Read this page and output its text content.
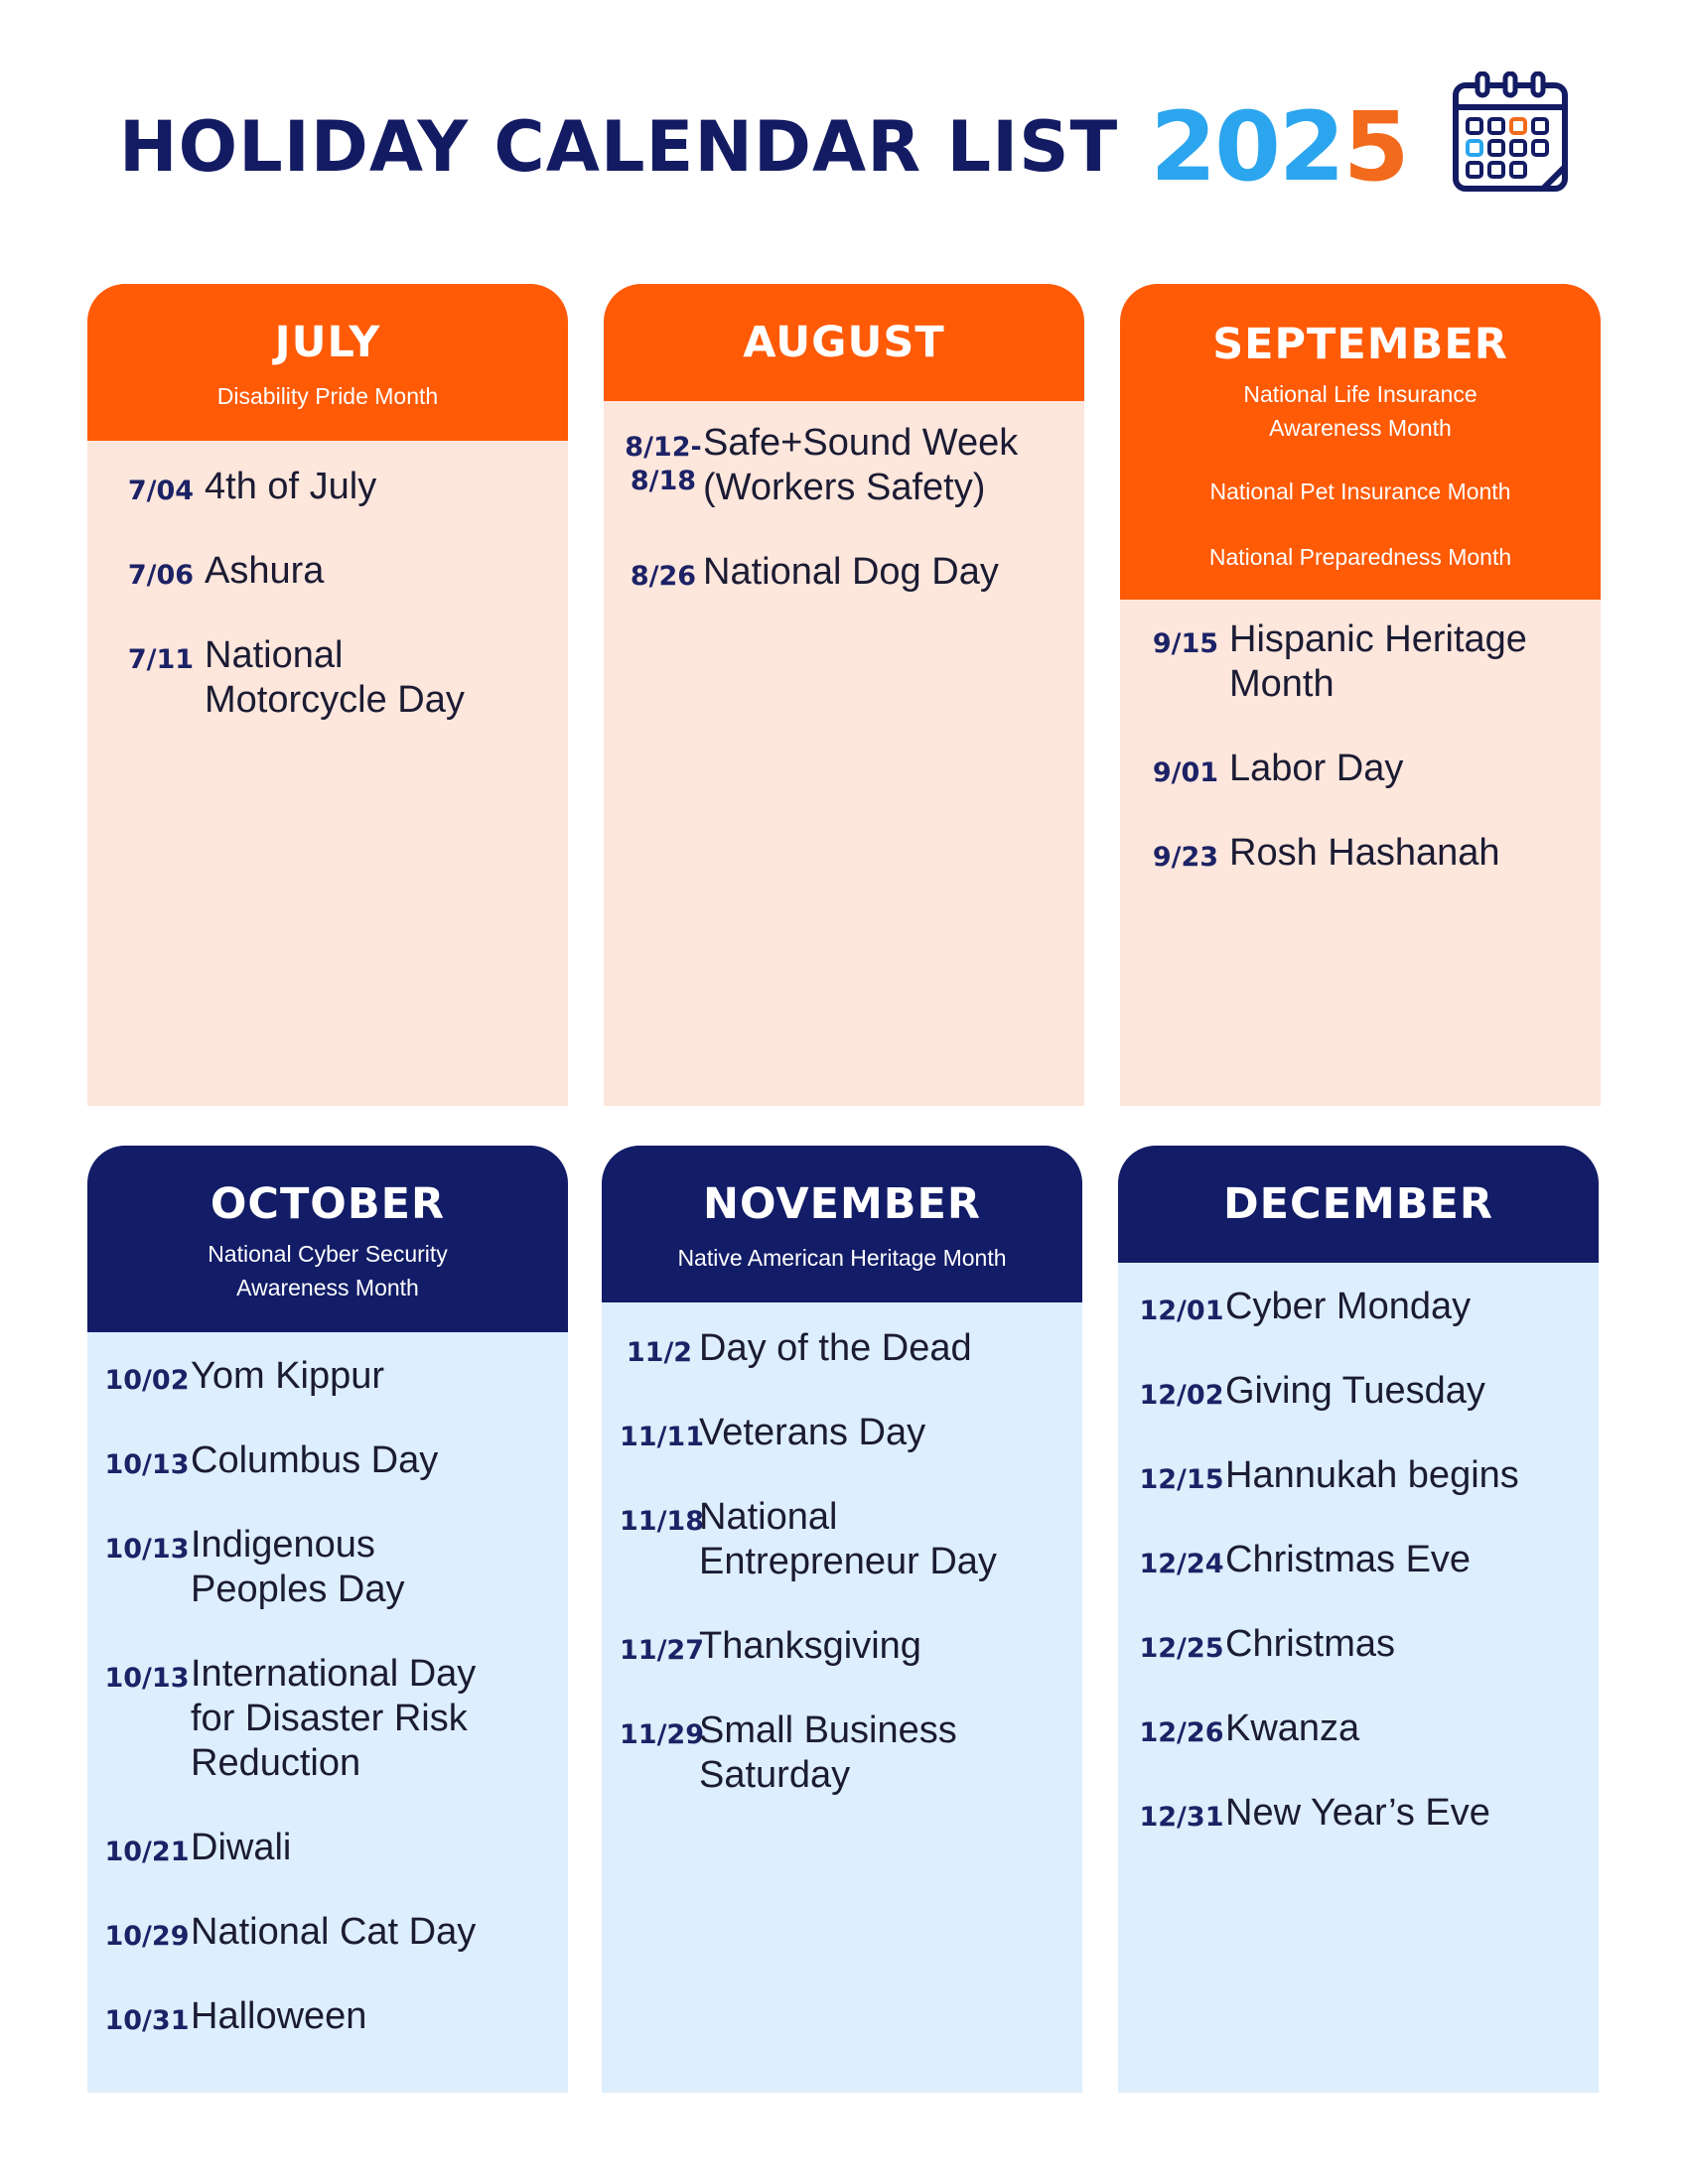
HOLIDAY CALENDAR LIST 2025
JULY
Disability Pride Month
7/04 4th of July
7/06 Ashura
7/11 National Motorcycle Day
AUGUST
8/12- 8/18
Safe+Sound Week (Workers Safety)
8/26 National Dog Day
SEPTEMBER
National Life Insurance Awareness Month
National Pet Insurance Month
National Preparedness Month
9/15 Hispanic Heritage Month
9/01 Labor Day
9/23 Rosh Hashanah
OCTOBER
National Cyber Security Awareness Month
10/02 Yom Kippur
10/13 Columbus Day
10/13 Indigenous Peoples Day
10/13 International Day for Disaster Risk Reduction
10/21 Diwali
10/29 National Cat Day
10/31 Halloween
NOVEMBER
Native American Heritage Month
11/2 Day of the Dead
11/11
Veterans Day
11/18
National Entrepreneur Day
11/27
Thanksgiving
11/29
Small Business Saturday
DECEMBER
12/01 Cyber Monday
12/02 Giving Tuesday
12/15 Hannukah begins
12/24 Christmas Eve
12/25 Christmas
12/26 Kwanza
12/31 New Year’s Eve
